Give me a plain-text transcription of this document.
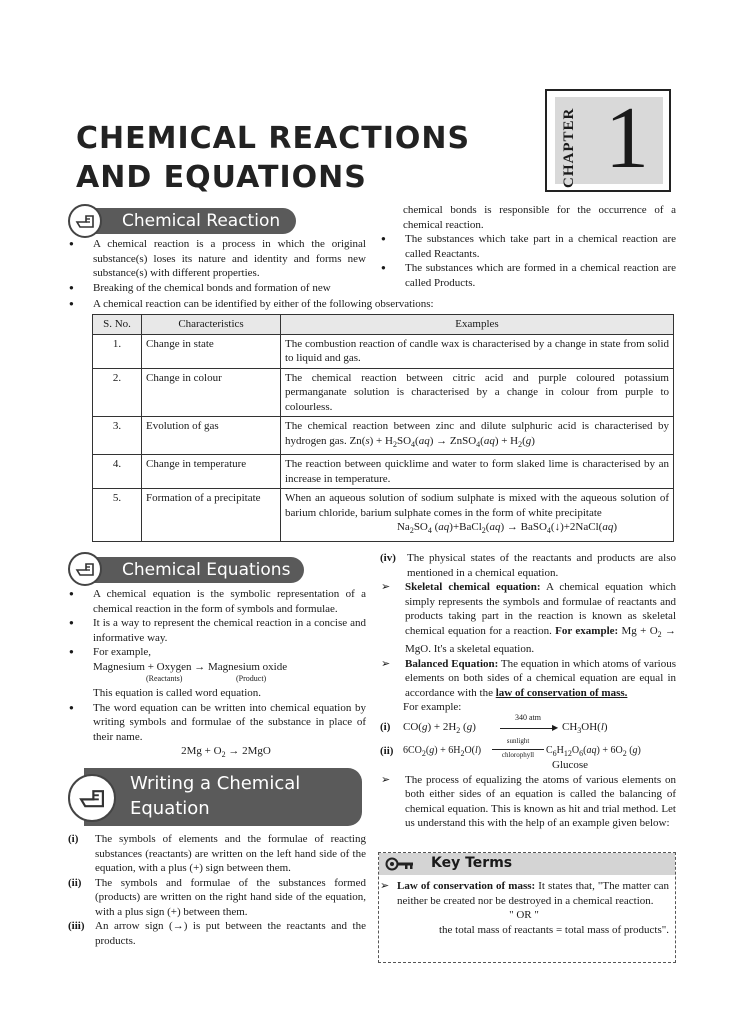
CHEMICAL REACTIONS
AND EQUATIONS	CHAPTER 1
Chemical Reaction
● A chemical reaction is a process in which the original substance(s) loses its nature and identity and forms new substance(s) with different properties.
● Breaking of the chemical bonds and formation of new
chemical bonds is responsible for the occurrence of a chemical reaction.
● The substances which take part in a chemical reaction are called Reactants.
● The substances which are formed in a chemical reaction are called Products.
● A chemical reaction can be identified by either of the following observations:
S. No.	Characteristics	Examples
1.	Change in state	The combustion reaction of candle wax is characterised by a change in state from solid to liquid and gas.
2.	Change in colour	The chemical reaction between citric acid and purple coloured potassium permanganate solution is characterised by a change in colour from purple to colourless.
3.	Evolution of gas	The chemical reaction between zinc and dilute sulphuric acid is characterised by hydrogen gas. $Zn(s) + H_2SO_4(aq)$ → ZnSO$_4$(aq) + $H_2(g)$
4.	Change in temperature	The reaction between quicklime and water to form slaked lime is characterised by an increase in temperature.
5.	Formation of a precipitate	When an aqueous solution of sodium sulphate is mixed with the aqueous solution of barium chloride, barium sulphate comes in the form of white precipitate
$Na_2SO_4$ (aq)+BaCl$_2$(aq) → BaSO$_4$(↓)+2NaCl(aq)
Chemical Equations
● A chemical equation is the symbolic representation of a chemical reaction in the form of symbols and formulae.
● It is a way to represent the chemical reaction in a concise and informative way.
● For example,
Magnesium + Oxygen → Magnesium oxide
(Reactants)	(Product)
This equation is called word equation.
● The word equation can be written into chemical equation by writing symbols and formulae of the substance in place of their name.
$2Mg + O_2 \to 2MgO$
Writing a Chemical
Equation
(i) The symbols of elements and the formulae of reacting substances (reactants) are written on the left hand side of the equation, with a plus (+) sign between them.
(ii) The symbols and formulae of the substances formed (products) are written on the right hand side of the equation, with a plus sign (+) between them.
(iii) An arrow sign (→) is put between the reactants and the products.
(iv) The physical states of the reactants and products are also mentioned in a chemical equation.
➢ Skeletal chemical equation: A chemical equation which simply represents the symbols and formulae of reactants and products taking part in the reaction is known as skeletal chemical equation for a reaction. For example: $Mg + O_2$ → MgO. It's a skeletal equation.
➢ Balanced Equation: The equation in which atoms of various elements on both sides of a chemical equation are equal in accordance with the law of conservation of mass.
For example:
(i) $CO(g) + 2H_2$ (g)
340 atm
▶ $CH_3OH(l)$
(ii) $6CO_2(g) + 6H_2O(l)$
sunlight
chlorophyll	$C_6H_{12}O_6(aq) + 6O_2$ (g)
Glucose
➢ The process of equalizing the atoms of various elements on both either sides of an equation is called the balancing of chemical equation. This is known as hit and trial method. Let us understand this with the help of an example given below:
Key Terms
➢ Law of conservation of mass: It states that, "The matter can neither be created nor be destroyed in a chemical reaction.
" OR "
the total mass of reactants = total mass of products".
